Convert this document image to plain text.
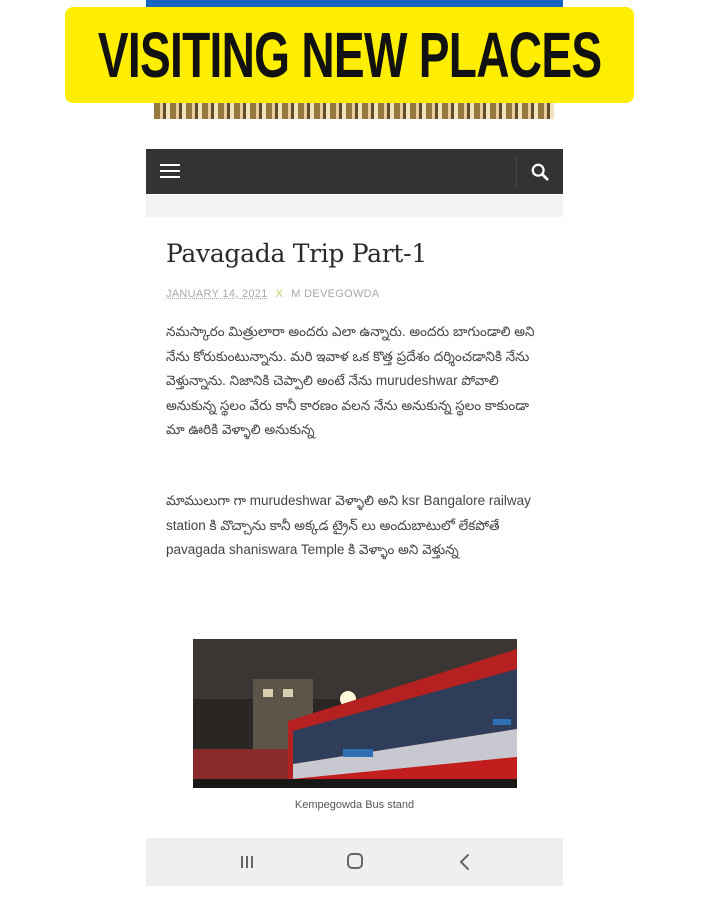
Pavagada Trip Part-1
JANUARY 14, 2021 X M DEVEGOWDA

నమస్కారం మిత్రులారా అందరు ఎలా ఉన్నారు. అందరు బాగుండాలి అని నేను కోరుకుంటున్నాను. మరి ఇవాళ ఒక కొత్త ప్రదేశం దర్శించడానికి నేను వెళ్తున్నాను. నిజానికి చెప్పాలి అంటే నేను murudeshwar పోవాలి అనుకున్న స్థలం వేరు కానీ కారణం వలన నేను అనుకున్న స్థలం కాకుండా మా ఊరికి వెళ్ళాలి అనుకున్న

మాములుగా గా murudeshwar వెళ్ళాలి అని ksr Bangalore railway station కి వొచ్చాను కానీ అక్కడ ట్రైన్ లు అందుబాటులో లేకపోతే pavagada shaniswara Temple కి వెళ్ళాం అని వెళ్తున్న

Kempegowda Bus stand
VISITING NEW PLACES
